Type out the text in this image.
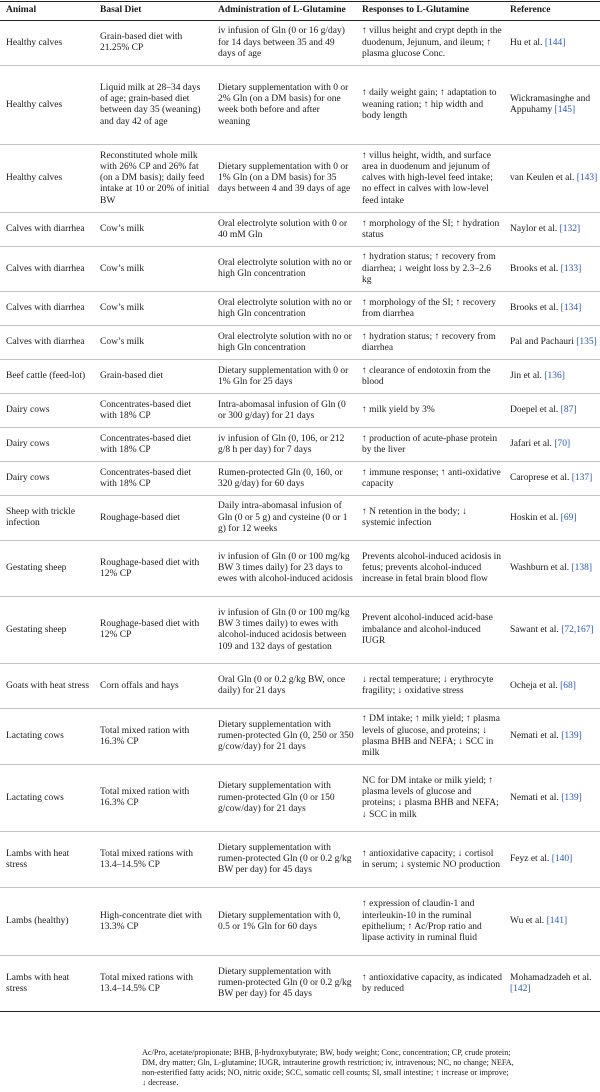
Animal	Basal Diet	Administration of L-Glutamine	Responses to L-Glutamine	Reference
Healthy calves	Grain-based diet with 21.25% CP	iv infusion of Gln (0 or 16 g/day) for 14 days between 35 and 49 days of age	↑ villus height and crypt depth in the duodenum, Jejunum, and ileum; ↑ plasma glucose Conc.	Hu et al. [144]
Healthy calves	Liquid milk at 28–34 days of age; grain-based diet between day 35 (weaning) and day 42 of age	Dietary supplementation with 0 or 2% Gln (on a DM basis) for one week both before and after weaning	↑ daily weight gain; ↑ adaptation to weaning ration; ↑ hip width and body length	Wickramasinghe and Appuhamy [145]
Healthy calves	Reconstituted whole milk with 26% CP and 26% fat (on a DM basis); daily feed intake at 10 or 20% of initial BW	Dietary supplementation with 0 or 1% Gln (on a DM basis) for 35 days between 4 and 39 days of age	↑ villus height, width, and surface area in duodenum and jejunum of calves with high-level feed intake; no effect in calves with low-level feed intake	van Keulen et al. [143]
Calves with diarrhea	Cow’s milk	Oral electrolyte solution with 0 or 40 mM Gln	↑ morphology of the SI; ↑ hydration status	Naylor et al. [132]
Calves with diarrhea	Cow’s milk	Oral electrolyte solution with no or high Gln concentration	↑ hydration status; ↑ recovery from diarrhea; ↓ weight loss by 2.3–2.6 kg	Brooks et al. [133]
Calves with diarrhea	Cow’s milk	Oral electrolyte solution with no or high Gln concentration	↑ morphology of the SI; ↑ recovery from diarrhea	Brooks et al. [134]
Calves with diarrhea	Cow’s milk	Oral electrolyte solution with no or high Gln concentration	↑ hydration status; ↑ recovery from diarrhea	Pal and Pachauri [135]
Beef cattle (feed-lot)	Grain-based diet	Dietary supplementation with 0 or 1% Gln for 25 days	↑ clearance of endotoxin from the blood	Jin et al. [136]
Dairy cows	Concentrates-based diet with 18% CP	Intra-abomasal infusion of Gln (0 or 300 g/day) for 21 days	↑ milk yield by 3%	Doepel et al. [87]
Dairy cows	Concentrates-based diet with 18% CP	iv infusion of Gln (0, 106, or 212 g/8 h per day) for 7 days	↑ production of acute-phase protein by the liver	Jafari et al. [70]
Dairy cows	Concentrates-based diet with 18% CP	Rumen-protected Gln (0, 160, or 320 g/day) for 60 days	↑ immune response; ↑ anti-oxidative capacity	Caroprese et al. [137]
Sheep with trickle infection	Roughage-based diet	Daily intra-abomasal infusion of Gln (0 or 5 g) and cysteine (0 or 1 g) for 12 weeks	↑ N retention in the body; ↓ systemic infection	Hoskin et al. [69]
Gestating sheep	Roughage-based diet with 12% CP	iv infusion of Gln (0 or 100 mg/kg BW 3 times daily) for 23 days to ewes with alcohol-induced acidosis	Prevents alcohol-induced acidosis in fetus; prevents alcohol-induced increase in fetal brain blood flow	Washburn et al. [138]
Gestating sheep	Roughage-based diet with 12% CP	iv infusion of Gln (0 or 100 mg/kg BW 3 times daily) to ewes with alcohol-induced acidosis between 109 and 132 days of gestation	Prevent alcohol-induced acid-base imbalance and alcohol-induced IUGR	Sawant et al. [72,167]
Goats with heat stress	Corn offals and hays	Oral Gln (0 or 0.2 g/kg BW, once daily) for 21 days	↓ rectal temperature; ↓ erythrocyte fragility; ↓ oxidative stress	Ocheja et al. [68]
Lactating cows	Total mixed ration with 16.3% CP	Dietary supplementation with rumen-protected Gln (0, 250 or 350 g/cow/day) for 21 days	↑ DM intake; ↑ milk yield; ↑ plasma levels of glucose, and proteins; ↓ plasma BHB and NEFA; ↓ SCC in milk	Nemati et al. [139]
Lactating cows	Total mixed ration with 16.3% CP	Dietary supplementation with rumen-protected Gln (0 or 150 g/cow/day) for 21 days	NC for DM intake or milk yield; ↑ plasma levels of glucose and proteins; ↓ plasma BHB and NEFA; ↓ SCC in milk	Nemati et al. [139]
Lambs with heat stress	Total mixed rations with 13.4–14.5% CP	Dietary supplementation with rumen-protected Gln (0 or 0.2 g/kg BW per day) for 45 days	↑ antioxidative capacity; ↓ cortisol in serum; ↓ systemic NO production	Feyz et al. [140]
Lambs (healthy)	High-concentrate diet with 13.3% CP	Dietary supplementation with 0, 0.5 or 1% Gln for 60 days	↑ expression of claudin-1 and interleukin-10 in the ruminal epithelium; ↑ Ac/Prop ratio and lipase activity in ruminal fluid	Wu et al. [141]
Lambs with heat stress	Total mixed rations with 13.4–14.5% CP	Dietary supplementation with rumen-protected Gln (0 or 0.2 g/kg BW per day) for 45 days	↑ antioxidative capacity, as indicated by reduced	Mohamadzadeh et al. [142]
Ac/Pro, acetate/propionate; BHB, β-hydroxybutyrate; BW, body weight; Conc, concentration; CP, crude protein;
DM, dry matter; Gln, L-glutamine; IUGR, intrauterine growth restriction; iv, intravenous; NC, no change; NEFA,
non-esterified fatty acids; NO, nitric oxide; SCC, somatic cell counts; SI, small intestine; ↑ increase or improve;
↓ decrease.
